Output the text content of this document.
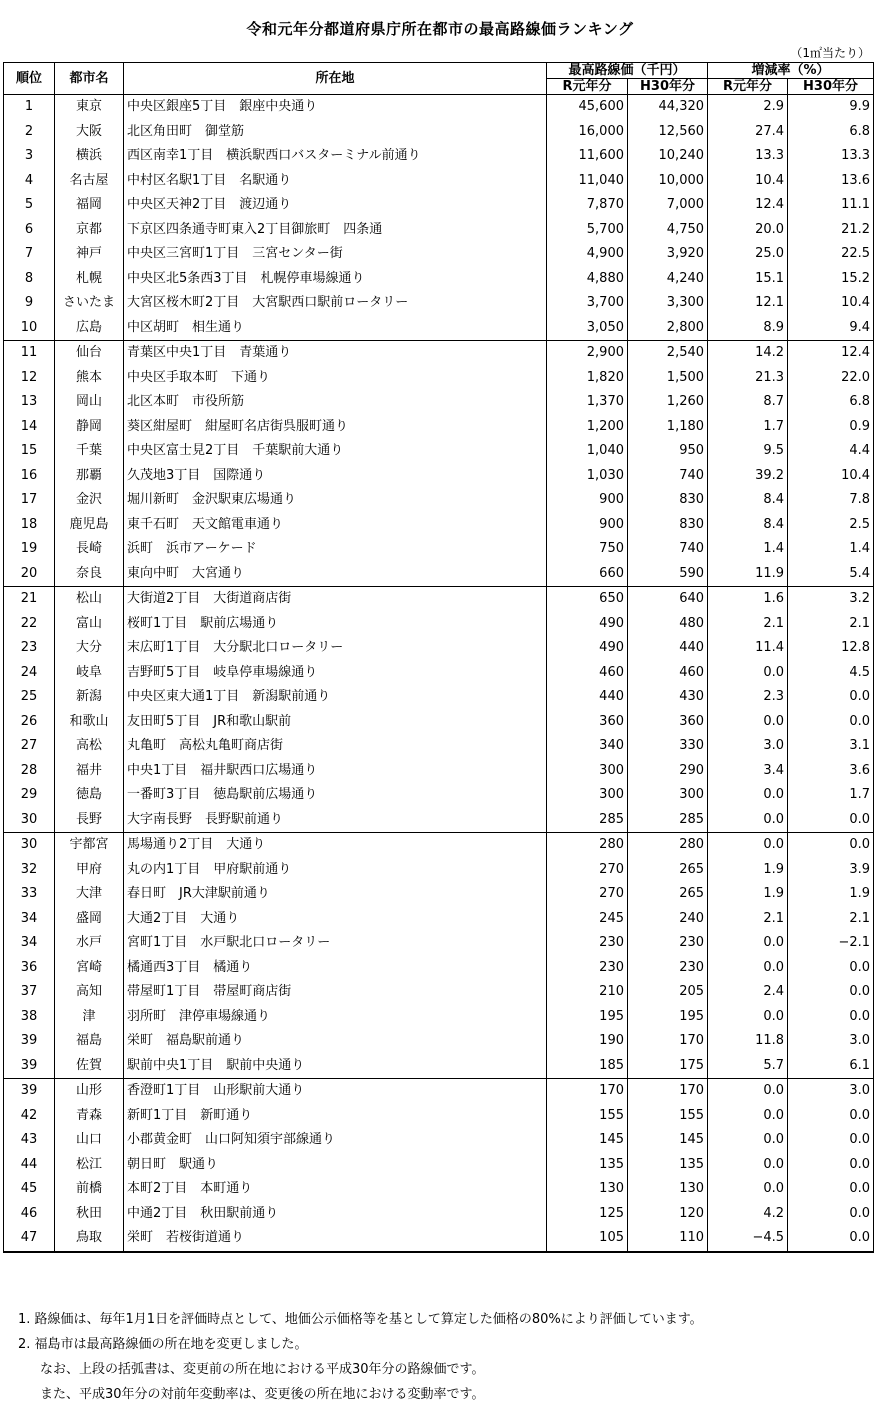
令和元年分都道府県庁所在都市の最高路線価ランキング
（1㎡当たり）
順位	都市名	所在地	最高路線価（千円）		増減率（%）	
			R元年分	H30年分	R元年分	H30年分
1	東京	中央区銀座5丁目　銀座中央通り	45,600	44,320	2.9	9.9
2	大阪	北区角田町　御堂筋	16,000	12,560	27.4	6.8
3	横浜	西区南幸1丁目　横浜駅西口バスターミナル前通り	11,600	10,240	13.3	13.3
4	名古屋	中村区名駅1丁目　名駅通り	11,040	10,000	10.4	13.6
5	福岡	中央区天神2丁目　渡辺通り	7,870	7,000	12.4	11.1
6	京都	下京区四条通寺町東入2丁目御旅町　四条通	5,700	4,750	20.0	21.2
7	神戸	中央区三宮町1丁目　三宮センター街	4,900	3,920	25.0	22.5
8	札幌	中央区北5条西3丁目　札幌停車場線通り	4,880	4,240	15.1	15.2
9	さいたま	大宮区桜木町2丁目　大宮駅西口駅前ロータリー	3,700	3,300	12.1	10.4
10	広島	中区胡町　相生通り	3,050	2,800	8.9	9.4
11	仙台	青葉区中央1丁目　青葉通り	2,900	2,540	14.2	12.4
12	熊本	中央区手取本町　下通り	1,820	1,500	21.3	22.0
13	岡山	北区本町　市役所筋	1,370	1,260	8.7	6.8
14	静岡	葵区紺屋町　紺屋町名店街呉服町通り	1,200	1,180	1.7	0.9
15	千葉	中央区富士見2丁目　千葉駅前大通り	1,040	950	9.5	4.4
16	那覇	久茂地3丁目　国際通り	1,030	740	39.2	10.4
17	金沢	堀川新町　金沢駅東広場通り	900	830	8.4	7.8
18	鹿児島	東千石町　天文館電車通り	900	830	8.4	2.5
19	長崎	浜町　浜市アーケード	750	740	1.4	1.4
20	奈良	東向中町　大宮通り	660	590	11.9	5.4
21	松山	大街道2丁目　大街道商店街	650	640	1.6	3.2
22	富山	桜町1丁目　駅前広場通り	490	480	2.1	2.1
23	大分	末広町1丁目　大分駅北口ロータリー	490	440	11.4	12.8
24	岐阜	吉野町5丁目　岐阜停車場線通り	460	460	0.0	4.5
25	新潟	中央区東大通1丁目　新潟駅前通り	440	430	2.3	0.0
26	和歌山	友田町5丁目　JR和歌山駅前	360	360	0.0	0.0
27	高松	丸亀町　高松丸亀町商店街	340	330	3.0	3.1
28	福井	中央1丁目　福井駅西口広場通り	300	290	3.4	3.6
29	徳島	一番町3丁目　徳島駅前広場通り	300	300	0.0	1.7
30	長野	大字南長野　長野駅前通り	285	285	0.0	0.0
30	宇都宮	馬場通り2丁目　大通り	280	280	0.0	0.0
32	甲府	丸の内1丁目　甲府駅前通り	270	265	1.9	3.9
33	大津	春日町　JR大津駅前通り	270	265	1.9	1.9
34	盛岡	大通2丁目　大通り	245	240	2.1	2.1
34	水戸	宮町1丁目　水戸駅北口ロータリー	230	230	0.0	−2.1
36	宮崎	橘通西3丁目　橘通り	230	230	0.0	0.0
37	高知	帯屋町1丁目　帯屋町商店街	210	205	2.4	0.0
38	津	羽所町　津停車場線通り	195	195	0.0	0.0
39	福島	栄町　福島駅前通り	190	170	11.8	3.0
39	佐賀	駅前中央1丁目　駅前中央通り	185	175	5.7	6.1
39	山形	香澄町1丁目　山形駅前大通り	170	170	0.0	3.0
42	青森	新町1丁目　新町通り	155	155	0.0	0.0
43	山口	小郡黄金町　山口阿知須宇部線通り	145	145	0.0	0.0
44	松江	朝日町　駅通り	135	135	0.0	0.0
45	前橋	本町2丁目　本町通り	130	130	0.0	0.0
46	秋田	中通2丁目　秋田駅前通り	125	120	4.2	0.0
47	鳥取	栄町　若桜街道通り	105	110	−4.5	0.0
1. 路線価は、毎年1月1日を評価時点として、地価公示価格等を基として算定した価格の80%により評価しています。
2. 福島市は最高路線価の所在地を変更しました。
なお、上段の括弧書は、変更前の所在地における平成30年分の路線価です。
また、平成30年分の対前年変動率は、変更後の所在地における変動率です。
